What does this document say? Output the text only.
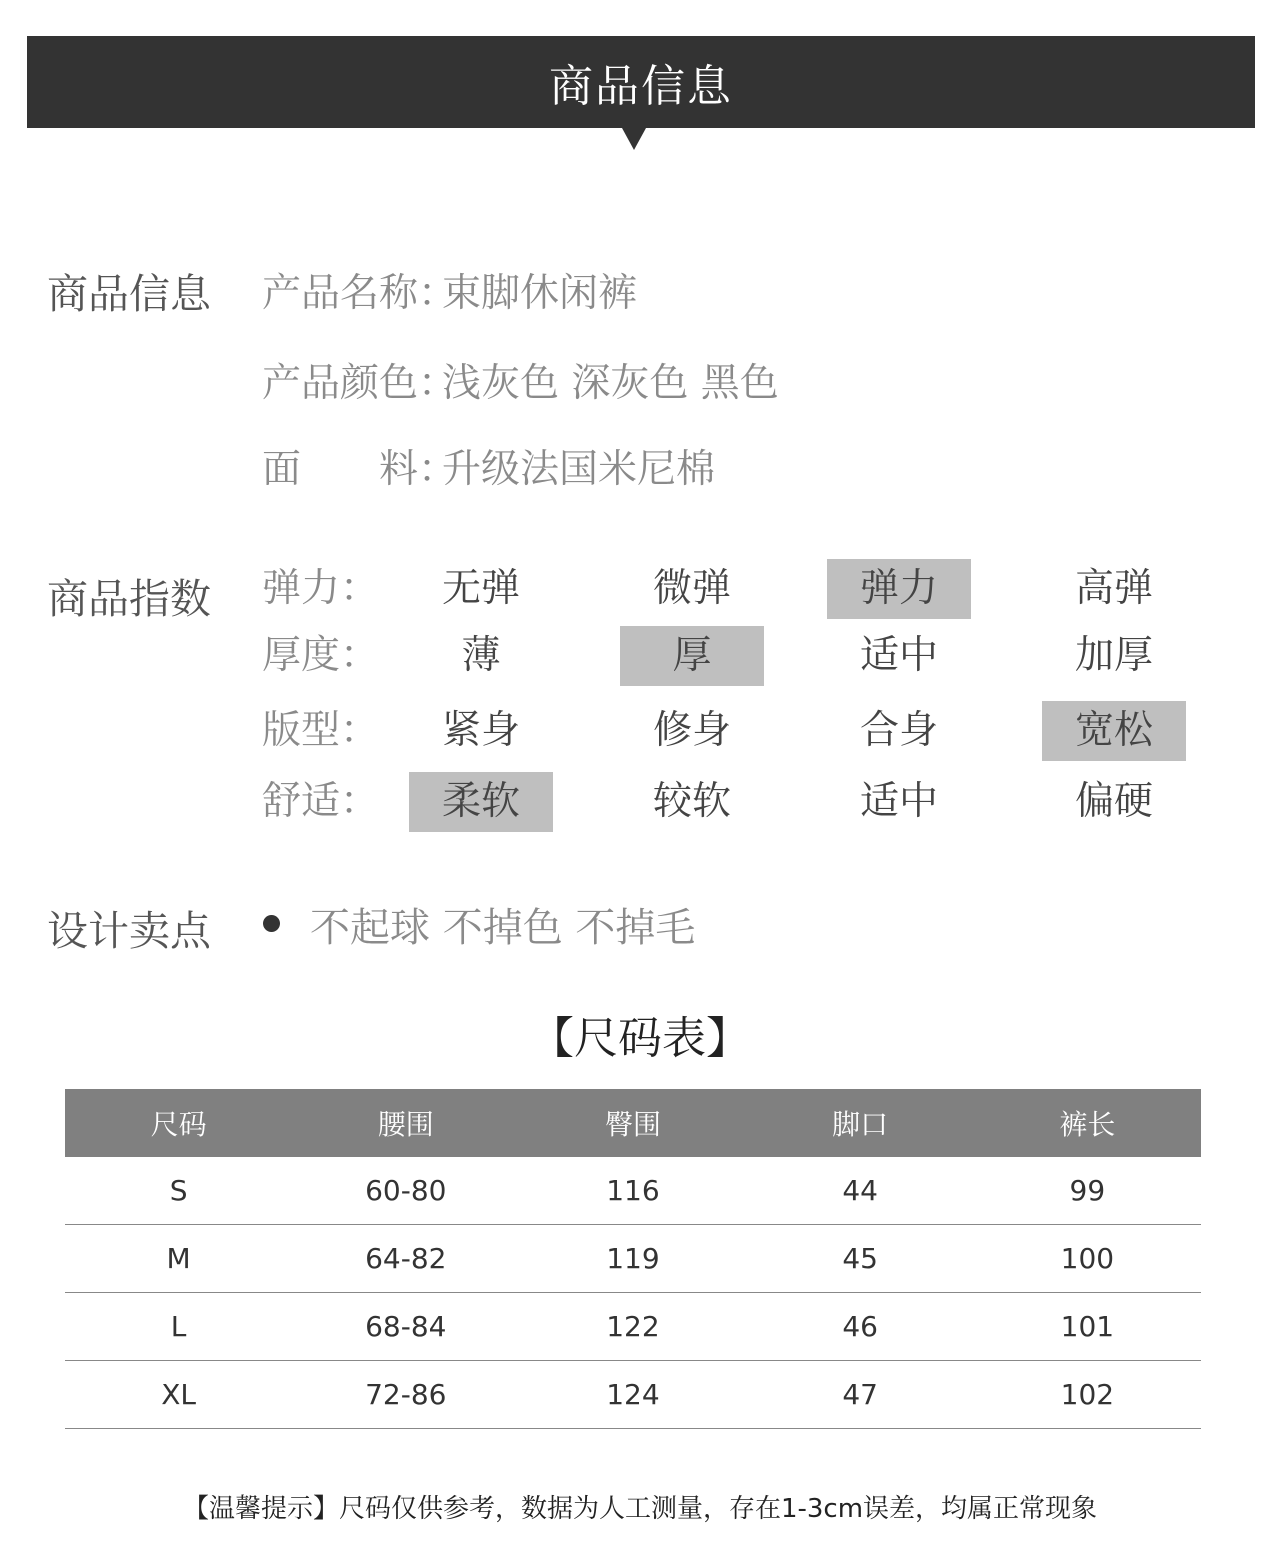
商品信息
商品信息 产品名称：
束脚休闲裤
产品颜色：
浅灰色 深灰色 黑色
面　　料：
升级法国米尼棉
商品指数 弹力：	无弹	微弹	弹力	高弹
厚度：	薄	厚	适中	加厚
版型：	紧身	修身	合身	宽松
舒适：	柔软	较软	适中	偏硬
设计卖点 不起球 不掉色 不掉毛
【尺码表】
尺码	腰围	臀围	脚口	裤长
S	60-80	116	44	99
M	64-82	119	45	100
L	68-84	122	46	101
XL	72-86	124	47	102
【温馨提示】尺码仅供参考，数据为人工测量，存在1-3cm误差，均属正常现象
